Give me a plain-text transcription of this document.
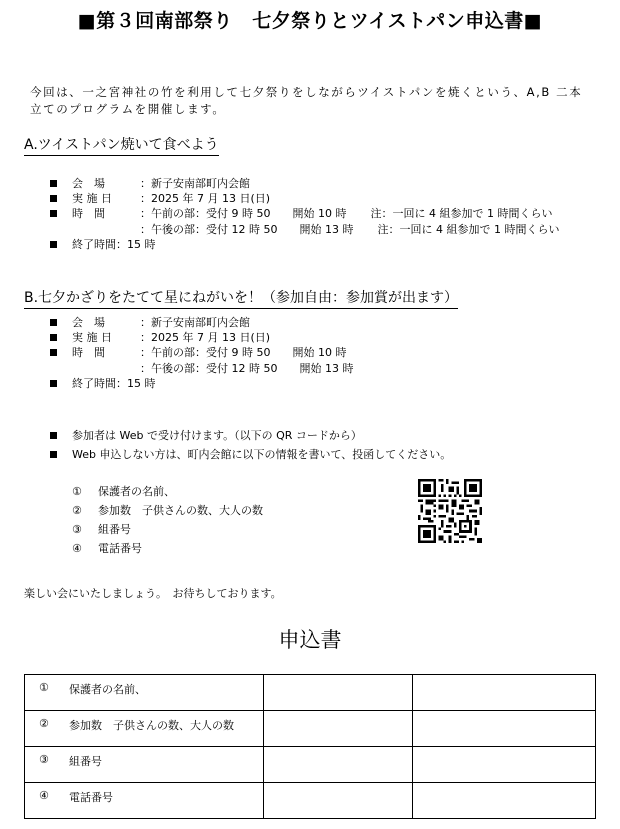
■第３回南部祭り　七夕祭りとツイストパン申込書■
今回は、一之宮神社の竹を利用して七夕祭りをしながらツイストパンを焼くという、A,B 二本立てのプログラムを開催します。
A.ツイストパン焼いて食べよう
会　場	：新子安南部町内会館
実 施 日	：2025 年 7 月 13 日(日)
時　間	：午前の部：受付 9 時 50 開始 10 時 注：一回に 4 組参加で 1 時間くらい
：午後の部：受付 12 時 50 開始 13 時 注：一回に 4 組参加で 1 時間くらい
終了時間 ：15 時
B.七夕かざりをたてて星にねがいを！（参加自由：参加賞が出ます）
会　場	：新子安南部町内会館
実 施 日	：2025 年 7 月 13 日(日)
時　間	：午前の部：受付 9 時 50 開始 10 時
：午後の部：受付 12 時 50 開始 13 時
終了時間 ：15 時
参加者は Web で受け付けます。（以下の QR コードから）
Web 申込しない方は、町内会館に以下の情報を書いて、投函してください。
①	保護者の名前、
②	参加数　子供さんの数、大人の数
③	組番号
④	電話番号
楽しい会にいたしましょう。　お待ちしております。
申込書
① 保護者の名前、		

② 参加数　子供さんの数、大人の数		

③ 組番号		

④ 電話番号		
